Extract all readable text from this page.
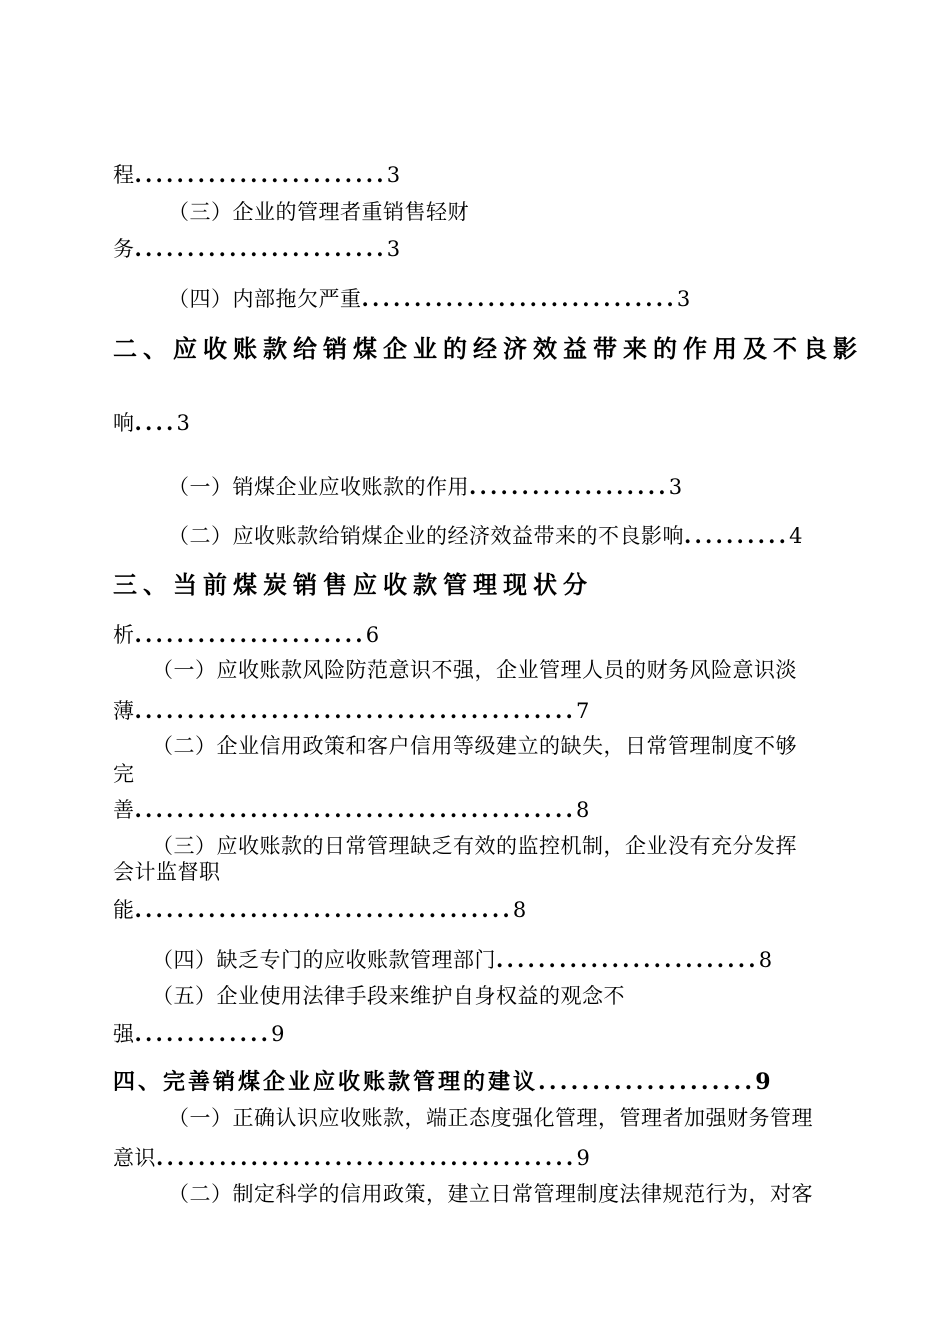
程........................3
（三）企业的管理者重销售轻财
务........................3
（四）内部拖欠严重..............................3
二、应收账款给销煤企业的经济效益带来的作用及不良影
响....3
（一）销煤企业应收账款的作用...................3
（二）应收账款给销煤企业的经济效益带来的不良影响..........4
三、当前煤炭销售应收款管理现状分
析......................6
（一）应收账款风险防范意识不强，企业管理人员的财务风险意识淡
薄..........................................7
（二）企业信用政策和客户信用等级建立的缺失，日常管理制度不够
完
善..........................................8
（三）应收账款的日常管理缺乏有效的监控机制，企业没有充分发挥
会计监督职
能....................................8
（四）缺乏专门的应收账款管理部门.........................8
（五）企业使用法律手段来维护自身权益的观念不
强.............9
四、完善销煤企业应收账款管理的建议....................9
（一）正确认识应收账款，端正态度强化管理，管理者加强财务管理
意识........................................9
（二）制定科学的信用政策，建立日常管理制度法律规范行为，对客
